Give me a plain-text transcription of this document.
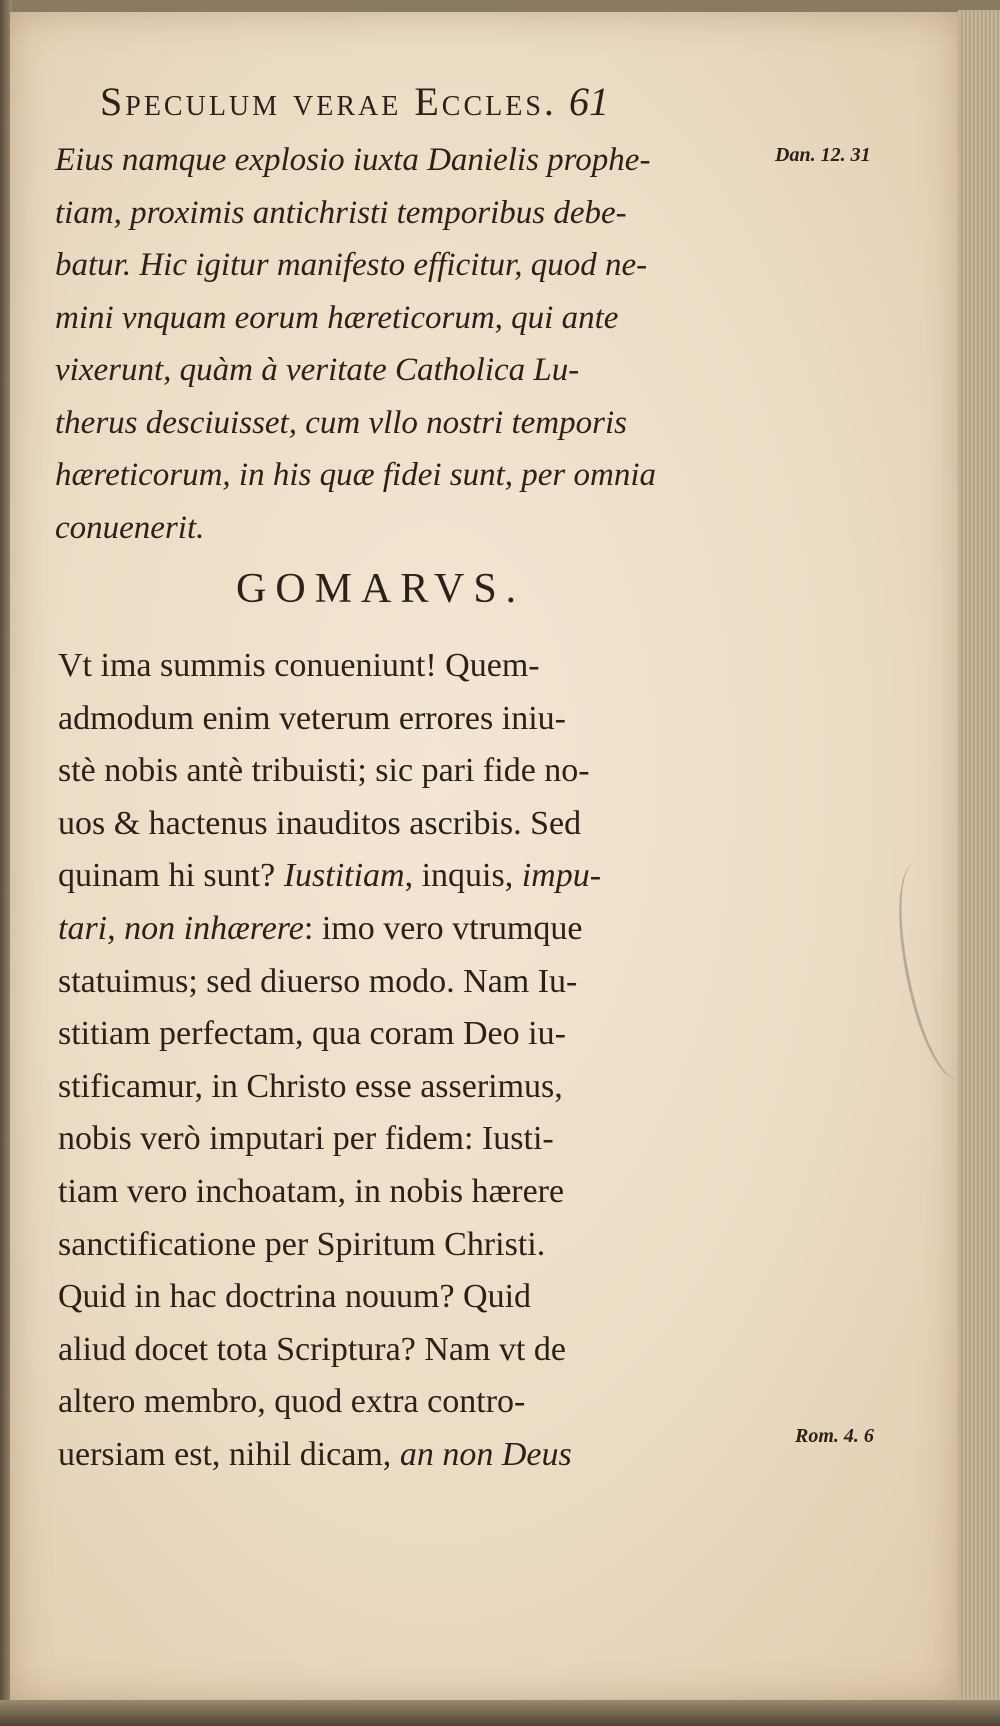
Speculum verae Eccles. 61
Dan. 12. 31
Eius namque explosio iuxta Danielis prophe-
tiam, proximis antichristi temporibus debe-
batur. Hic igitur manifesto efficitur, quod ne-
mini vnquam eorum hæreticorum, qui ante
vixerunt, quàm à veritate Catholica Lu-
therus desciuisset, cum vllo nostri temporis
hæreticorum, in his quæ fidei sunt, per omnia
conuenerit.
GOMARVS.
Vt ima summis conueniunt! Quem-
admodum enim veterum errores iniu-
stè nobis antè tribuisti; sic pari fide no-
uos & hactenus inauditos ascribis. Sed
quinam hi sunt? Iustitiam, inquis, impu-
tari, non inhærere: imo vero vtrumque
statuimus; sed diuerso modo. Nam Iu-
stitiam perfectam, qua coram Deo iu-
stificamur, in Christo esse asserimus,
nobis verò imputari per fidem: Iusti-
tiam vero inchoatam, in nobis hærere
sanctificatione per Spiritum Christi.
Quid in hac doctrina nouum? Quid
aliud docet tota Scriptura? Nam vt de
altero membro, quod extra contro-
uersiam est, nihil dicam, an non Deus	Rom. 4. 6
